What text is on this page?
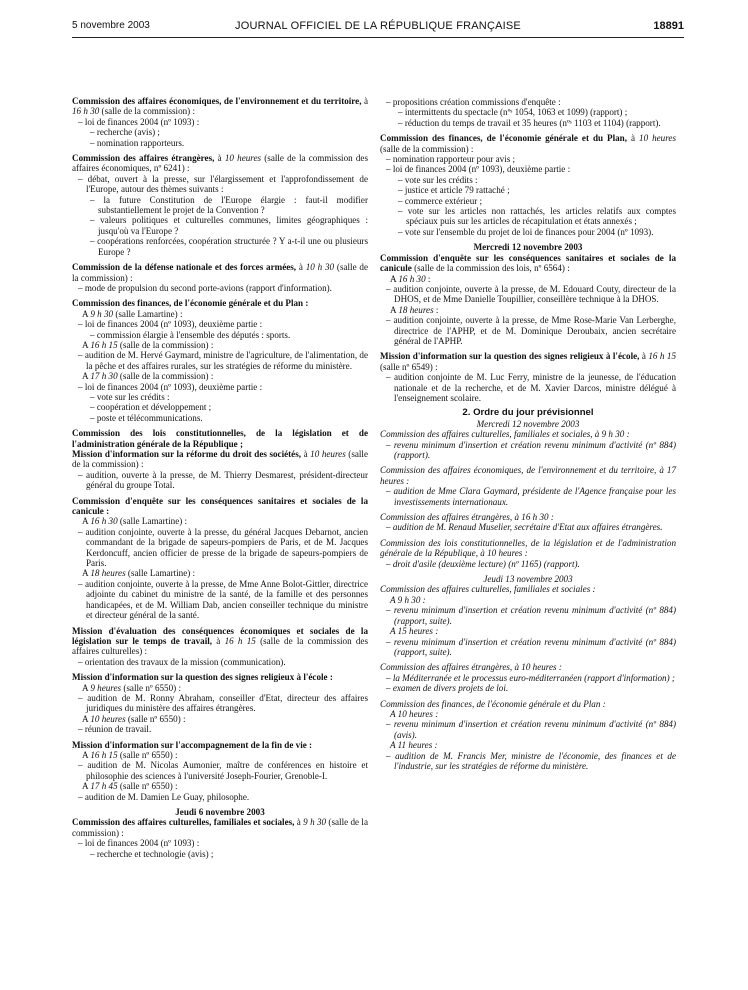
5 novembre 2003	JOURNAL OFFICIEL DE LA RÉPUBLIQUE FRANÇAISE	18891

Commission des affaires économiques, de l'environnement et du territoire, à 16 h 30 (salle de la commission) :

– loi de finances 2004 (nº 1093) :

– recherche (avis) ;

– nomination rapporteurs.

Commission des affaires étrangères, à 10 heures (salle de la commission des affaires économiques, nº 6241) :

– débat, ouvert à la presse, sur l'élargissement et l'approfondissement de l'Europe, autour des thèmes suivants :

– la future Constitution de l'Europe élargie : faut-il modifier substantiellement le projet de la Convention ?

– valeurs politiques et culturelles communes, limites géographiques : jusqu'où va l'Europe ?

– coopérations renforcées, coopération structurée ? Y a-t-il une ou plusieurs Europe ?

Commission de la défense nationale et des forces armées, à 10 h 30 (salle de la commission) :

– mode de propulsion du second porte-avions (rapport d'information).

Commission des finances, de l'économie générale et du Plan :

A 9 h 30 (salle Lamartine) :

– loi de finances 2004 (nº 1093), deuxième partie :

– commission élargie à l'ensemble des députés : sports.

A 16 h 15 (salle de la commission) :

– audition de M. Hervé Gaymard, ministre de l'agriculture, de l'alimentation, de la pêche et des affaires rurales, sur les stratégies de réforme du ministère.

A 17 h 30 (salle de la commission) :

– loi de finances 2004 (nº 1093), deuxième partie :

– vote sur les crédits :

– coopération et développement ;

– poste et télécommunications.

Commission des lois constitutionnelles, de la législation et de l'administration générale de la République ;

Mission d'information sur la réforme du droit des sociétés, à 10 heures (salle de la commission) :

– audition, ouverte à la presse, de M. Thierry Desmarest, président-directeur général du groupe Total.

Commission d'enquête sur les conséquences sanitaires et sociales de la canicule :

A 16 h 30 (salle Lamartine) :

– audition conjointe, ouverte à la presse, du général Jacques Debarnot, ancien commandant de la brigade de sapeurs-pompiers de Paris, et de M. Jacques Kerdoncuff, ancien officier de presse de la brigade de sapeurs-pompiers de Paris.

A 18 heures (salle Lamartine) :

– audition conjointe, ouverte à la presse, de Mme Anne Bolot-Gittler, directrice adjointe du cabinet du ministre de la santé, de la famille et des personnes handicapées, et de M. William Dab, ancien conseiller technique du ministre et directeur général de la santé.

Mission d'évaluation des conséquences économiques et sociales de la législation sur le temps de travail, à 16 h 15 (salle de la commission des affaires culturelles) :

– orientation des travaux de la mission (communication).

Mission d'information sur la question des signes religieux à l'école :

A 9 heures (salle nº 6550) :

– audition de M. Ronny Abraham, conseiller d'Etat, directeur des affaires juridiques du ministère des affaires étrangères.

A 10 heures (salle nº 6550) :

– réunion de travail.

Mission d'information sur l'accompagnement de la fin de vie :

A 16 h 15 (salle nº 6550) :

– audition de M. Nicolas Aumonier, maître de conférences en histoire et philosophie des sciences à l'université Joseph-Fourier, Grenoble-I.

A 17 h 45 (salle nº 6550) :

– audition de M. Damien Le Guay, philosophe.

Jeudi 6 novembre 2003

Commission des affaires culturelles, familiales et sociales, à 9 h 30 (salle de la commission) :

– loi de finances 2004 (nº 1093) :

– recherche et technologie (avis) ;

– propositions création commissions d'enquête :

– intermittents du spectacle (nºˢ 1054, 1063 et 1099) (rapport) ;

– réduction du temps de travail et 35 heures (nºˢ 1103 et 1104) (rapport).

Commission des finances, de l'économie générale et du Plan, à 10 heures (salle de la commission) :

– nomination rapporteur pour avis ;

– loi de finances 2004 (nº 1093), deuxième partie :

– vote sur les crédits :

– justice et article 79 rattaché ;

– commerce extérieur ;

– vote sur les articles non rattachés, les articles relatifs aux comptes spéciaux puis sur les articles de récapitulation et états annexés ;

– vote sur l'ensemble du projet de loi de finances pour 2004 (nº 1093).

Mercredi 12 novembre 2003

Commission d'enquête sur les conséquences sanitaires et sociales de la canicule (salle de la commission des lois, nº 6564) :

A 16 h 30 :

– audition conjointe, ouverte à la presse, de M. Edouard Couty, directeur de la DHOS, et de Mme Danielle Toupillier, conseillère technique à la DHOS.

A 18 heures :

– audition conjointe, ouverte à la presse, de Mme Rose-Marie Van Lerberghe, directrice de l'APHP, et de M. Dominique Deroubaix, ancien secrétaire général de l'APHP.

Mission d'information sur la question des signes religieux à l'école, à 16 h 15 (salle nº 6549) :

– audition conjointe de M. Luc Ferry, ministre de la jeunesse, de l'éducation nationale et de la recherche, et de M. Xavier Darcos, ministre délégué à l'enseignement scolaire.

2. Ordre du jour prévisionnel

Mercredi 12 novembre 2003

Commission des affaires culturelles, familiales et sociales, à 9 h 30 :

– revenu minimum d'insertion et création revenu minimum d'activité (nº 884) (rapport).

Commission des affaires économiques, de l'environnement et du territoire, à 17 heures :

– audition de Mme Clara Gaymard, présidente de l'Agence française pour les investissements internationaux.

Commission des affaires étrangères, à 16 h 30 :

– audition de M. Renaud Muselier, secrétaire d'Etat aux affaires étrangères.

Commission des lois constitutionnelles, de la législation et de l'administration générale de la République, à 10 heures :

– droit d'asile (deuxième lecture) (nº 1165) (rapport).

Jeudi 13 novembre 2003

Commission des affaires culturelles, familiales et sociales :

A 9 h 30 :

– revenu minimum d'insertion et création revenu minimum d'activité (nº 884) (rapport, suite).

A 15 heures :

– revenu minimum d'insertion et création revenu minimum d'activité (nº 884) (rapport, suite).

Commission des affaires étrangères, à 10 heures :

– la Méditerranée et le processus euro-méditerranéen (rapport d'information) ;

– examen de divers projets de loi.

Commission des finances, de l'économie générale et du Plan :

A 10 heures :

– revenu minimum d'insertion et création revenu minimum d'activité (nº 884) (avis).

A 11 heures :

– audition de M. Francis Mer, ministre de l'économie, des finances et de l'industrie, sur les stratégies de réforme du ministère.
